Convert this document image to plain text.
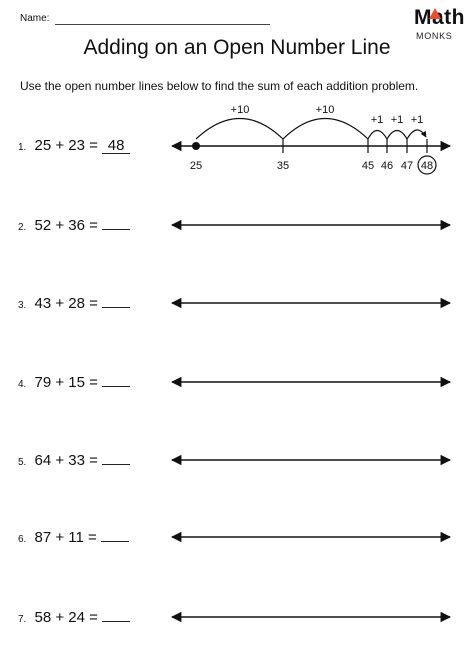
Name:	Math
MONKS
Adding on an Open Number Line
Use the open number lines below to find the sum of each addition problem.
1. 25 + 23 = 48
2. 52 + 36 =
3. 43 + 28 =
4. 79 + 15 =
5. 64 + 33 =
6. 87 + 11 =
7. 58 + 24 =
+10	+10
+1 +1 +1
25	35	45 46 47 48
